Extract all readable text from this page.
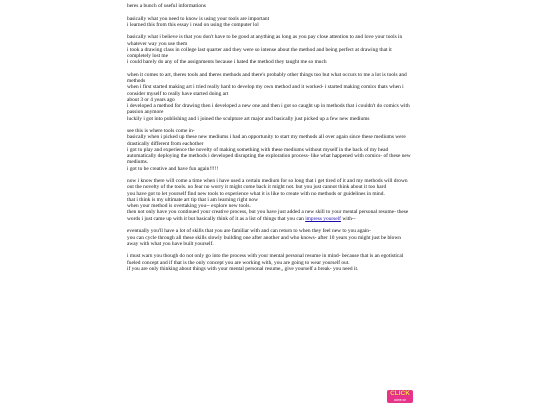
heres a bunch of useful informations

basically what you need to know is using your tools are important
i learned this from this essay i read on using the computer lol

basically what i believe is that you don't have to be good at anything as long as you pay close attention to and love your tools in whatever way you use them
i took a drawing class in college last quarter and they were so intense about the method and being perfect at drawing that it completely lost me
i could barely do any of the assignments because i hated the method they taught me so much

when it comes to art, theres tools and theres methods and there's probably other things too but what occurs to me a lot is tools and methods
when i first started making art i tried really hard to develop my own method and it worked- i started making comics thats when i consider myself to really have started doing art
about 3 or 4 years ago
i developed a method for drawing then i developed a new one and then i got so caught up in methods that i couldn't do comics with passion anymore
luckily i got into publishing and i joined the sculpture art major and basically just picked up a few new mediums

see this is where tools come in-
basically when i picked up these new mediums i had an opportunity to start my methods all over again since these mediums were drastically different from eachother
i got to play and experience the novelty of making something with these mediums without myself in the back of my head automatically deploying the methods i developed disrupting the exploration process- like what happened with comics- of these new mediums.
i got to be creative and have fun again!!!!!

now i know there will come a time when i have used a certain medium for so long that i get tired of it and my methods will drown out the novelty of the tools. no fear no worry it might come back it might not. but you just cannot think about it too hard
you have got to let yourself find new tools to experience what it is like to create with no methods or guidelines in mind.
that i think is my ultimate art tip that i am learning right now
when your method is overtaking you-- explore new tools.
then not only have you continued your creative process, but you have just added a new skill to your mental personal resume- these words i just came up with it but basically think of it as a list of things that you can impress yourself with--

eventually you'll have a lot of skills that you are familiar with and can return to when they feel new to you again-
you can cycle through all these skills slowly building one after another and who knows- after 10 years you might just be blown away with what you have built yourself.

i must warn you though do not only go into the process with your mental personal resume in mind- because that is an egotistical fueled concept and if that is the only concept you are working with, you are going to wear yourself out.
if you are only thinking about things with your mental personal resume,, give yourself a break- you need it.

CLICK
come on
